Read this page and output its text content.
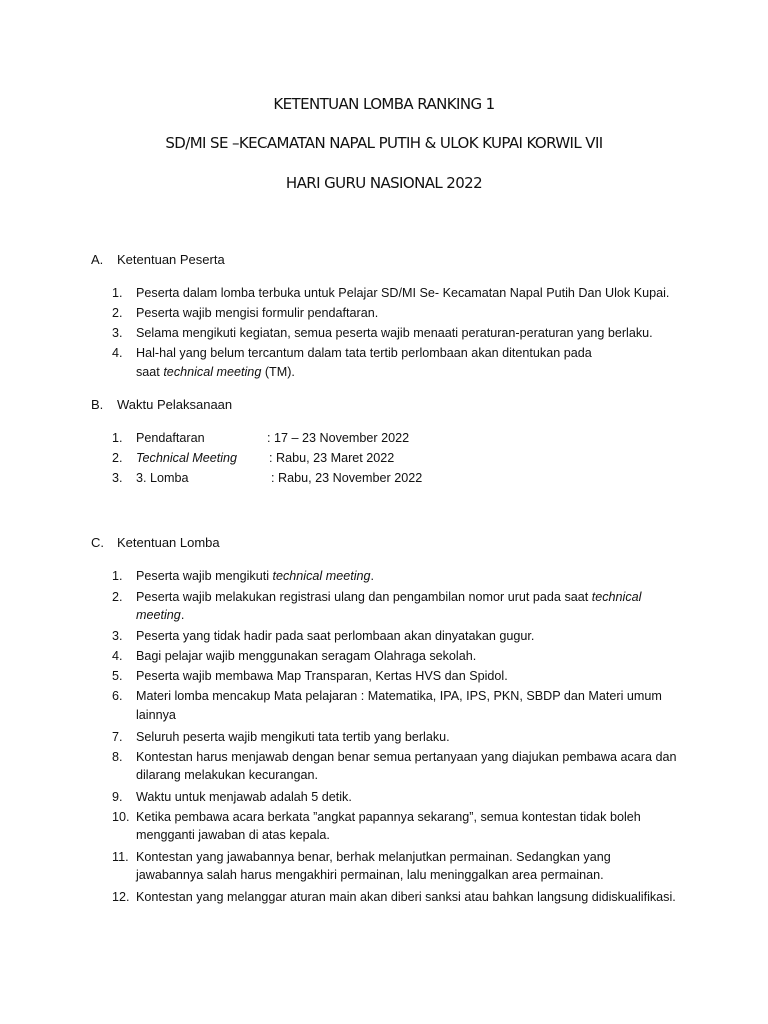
KETENTUAN LOMBA RANKING 1
SD/MI SE –KECAMATAN NAPAL PUTIH & ULOK KUPAI KORWIL VII
HARI GURU NASIONAL 2022
A. Ketentuan Peserta
1. Peserta dalam lomba terbuka untuk Pelajar SD/MI Se- Kecamatan Napal Putih Dan Ulok Kupai.
2. Peserta wajib mengisi formulir pendaftaran.
3. Selama mengikuti kegiatan, semua peserta wajib menaati peraturan-peraturan yang berlaku.
4. Hal-hal yang belum tercantum dalam tata tertib perlombaan akan ditentukan pada
saat technical meeting (TM).
B. Waktu Pelaksanaan
1. Pendaftaran	: 17 – 23 November 2022
2. Technical Meeting	: Rabu, 23 Maret 2022
3. 3. Lomba	: Rabu, 23 November 2022
C. Ketentuan Lomba
1. Peserta wajib mengikuti technical meeting.
2. Peserta wajib melakukan registrasi ulang dan pengambilan nomor urut pada saat technical
meeting.
3. Peserta yang tidak hadir pada saat perlombaan akan dinyatakan gugur.
4. Bagi pelajar wajib menggunakan seragam Olahraga sekolah.
5. Peserta wajib membawa Map Transparan, Kertas HVS dan Spidol.
6. Materi lomba mencakup Mata pelajaran : Matematika, IPA, IPS, PKN, SBDP dan Materi umum
lainnya
7. Seluruh peserta wajib mengikuti tata tertib yang berlaku.
8. Kontestan harus menjawab dengan benar semua pertanyaan yang diajukan pembawa acara dan
dilarang melakukan kecurangan.
9. Waktu untuk menjawab adalah 5 detik.
10. Ketika pembawa acara berkata ”angkat papannya sekarang”, semua kontestan tidak boleh
mengganti jawaban di atas kepala.
11. Kontestan yang jawabannya benar, berhak melanjutkan permainan. Sedangkan yang
jawabannya salah harus mengakhiri permainan, lalu meninggalkan area permainan.
12. Kontestan yang melanggar aturan main akan diberi sanksi atau bahkan langsung didiskualifikasi.
